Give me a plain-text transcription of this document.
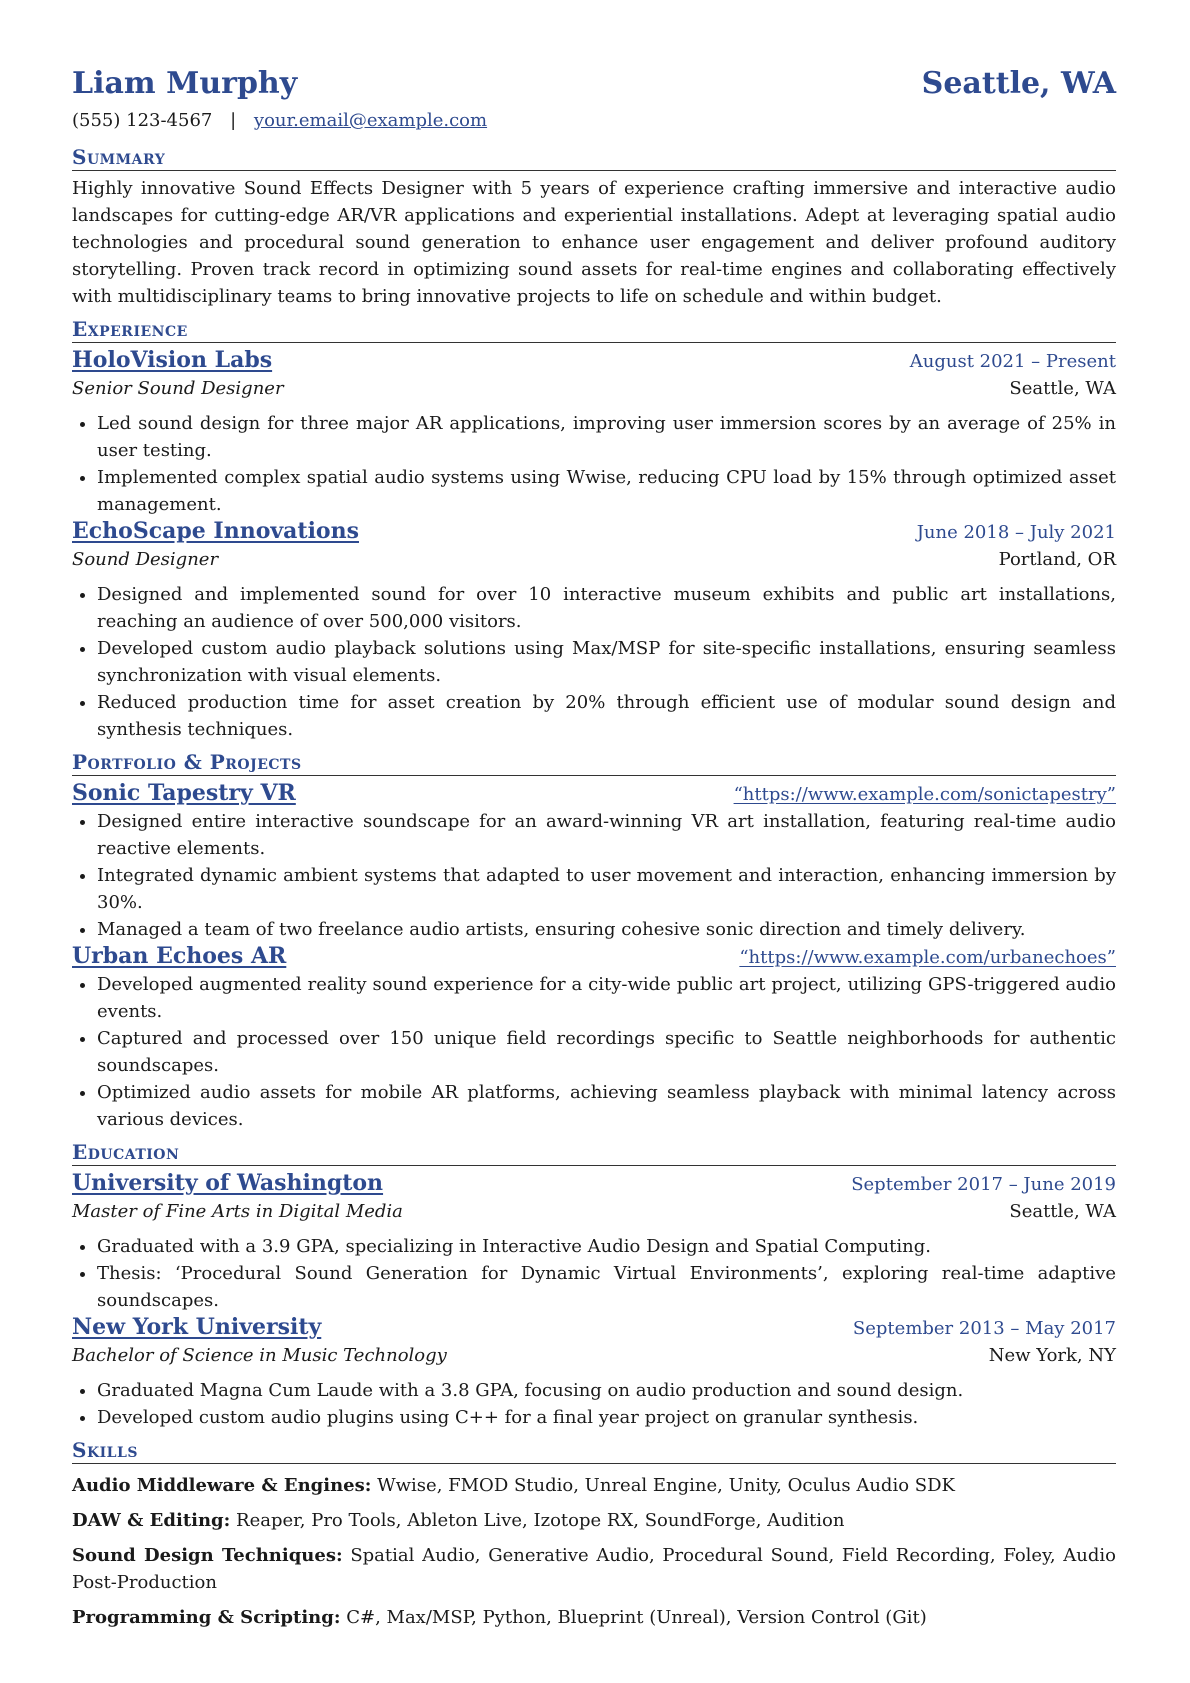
Liam Murphy	Seattle, WA
(555) 123-4567 | your.email@example.com
Summary

Highly innovative Sound Effects Designer with 5 years of experience crafting immersive and interactive audio landscapes for cutting-edge AR/VR applications and experiential installations. Adept at leveraging spatial audio technologies and procedural sound generation to enhance user engagement and deliver profound auditory storytelling. Proven track record in optimizing sound assets for real-time engines and collaborating effectively with multidisciplinary teams to bring innovative projects to life on schedule and within budget.

Experience
HoloVision Labs	August 2021 – Present
Senior Sound Designer	Seattle, WA
Led sound design for three major AR applications, improving user immersion scores by an average of 25% in user testing.
Implemented complex spatial audio systems using Wwise, reducing CPU load by 15% through optimized asset management.
EchoScape Innovations	June 2018 – July 2021
Sound Designer	Portland, OR
Designed and implemented sound for over 10 interactive museum exhibits and public art installations, reaching an audience of over 500,000 visitors.
Developed custom audio playback solutions using Max/MSP for site-specific installations, ensuring seamless synchronization with visual elements.
Reduced production time for asset creation by 20% through efficient use of modular sound design and synthesis techniques.
Portfolio & Projects
Sonic Tapestry VR	“https://www.example.com/sonictapestry”
Designed entire interactive soundscape for an award-winning VR art installation, featuring real-time audio reactive elements.
Integrated dynamic ambient systems that adapted to user movement and interaction, enhancing immersion by 30%.
Managed a team of two freelance audio artists, ensuring cohesive sonic direction and timely delivery.
Urban Echoes AR	“https://www.example.com/urbanechoes”
Developed augmented reality sound experience for a city-wide public art project, utilizing GPS-triggered audio events.
Captured and processed over 150 unique field recordings specific to Seattle neighborhoods for authentic soundscapes.
Optimized audio assets for mobile AR platforms, achieving seamless playback with minimal latency across various devices.
Education
University of Washington	September 2017 – June 2019
Master of Fine Arts in Digital Media	Seattle, WA
Graduated with a 3.9 GPA, specializing in Interactive Audio Design and Spatial Computing.
Thesis: ‘Procedural Sound Generation for Dynamic Virtual Environments’, exploring real-time adaptive soundscapes.
New York University	September 2013 – May 2017
Bachelor of Science in Music Technology	New York, NY
Graduated Magna Cum Laude with a 3.8 GPA, focusing on audio production and sound design.
Developed custom audio plugins using C++ for a final year project on granular synthesis.
Skills
Audio Middleware & Engines: Wwise, FMOD Studio, Unreal Engine, Unity, Oculus Audio SDK
DAW & Editing: Reaper, Pro Tools, Ableton Live, Izotope RX, SoundForge, Audition
Sound Design Techniques: Spatial Audio, Generative Audio, Procedural Sound, Field Recording, Foley, Audio Post-Production
Programming & Scripting: C#, Max/MSP, Python, Blueprint (Unreal), Version Control (Git)
